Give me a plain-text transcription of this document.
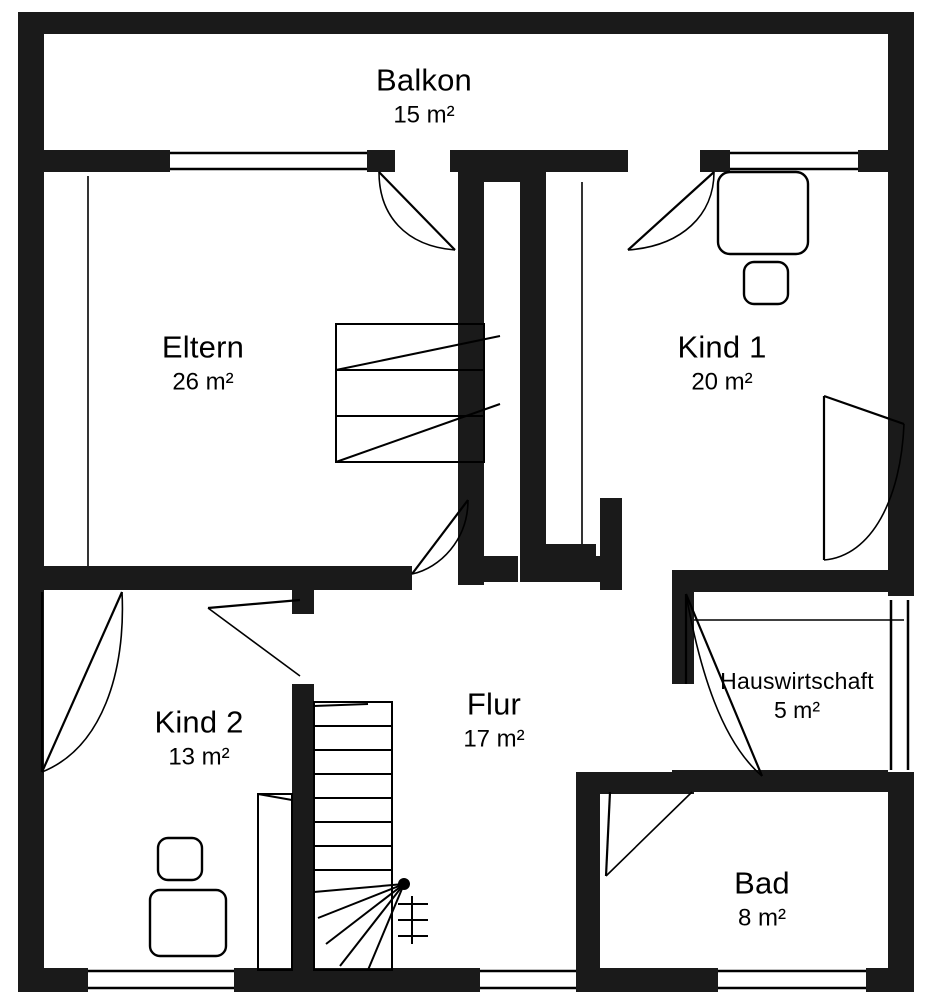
Balkon
15 m²
Eltern
26 m²
Kind 1
20 m²
Kind 2
13 m²
Flur
17 m²
Hauswirtschaft
5 m²
Bad
8 m²
